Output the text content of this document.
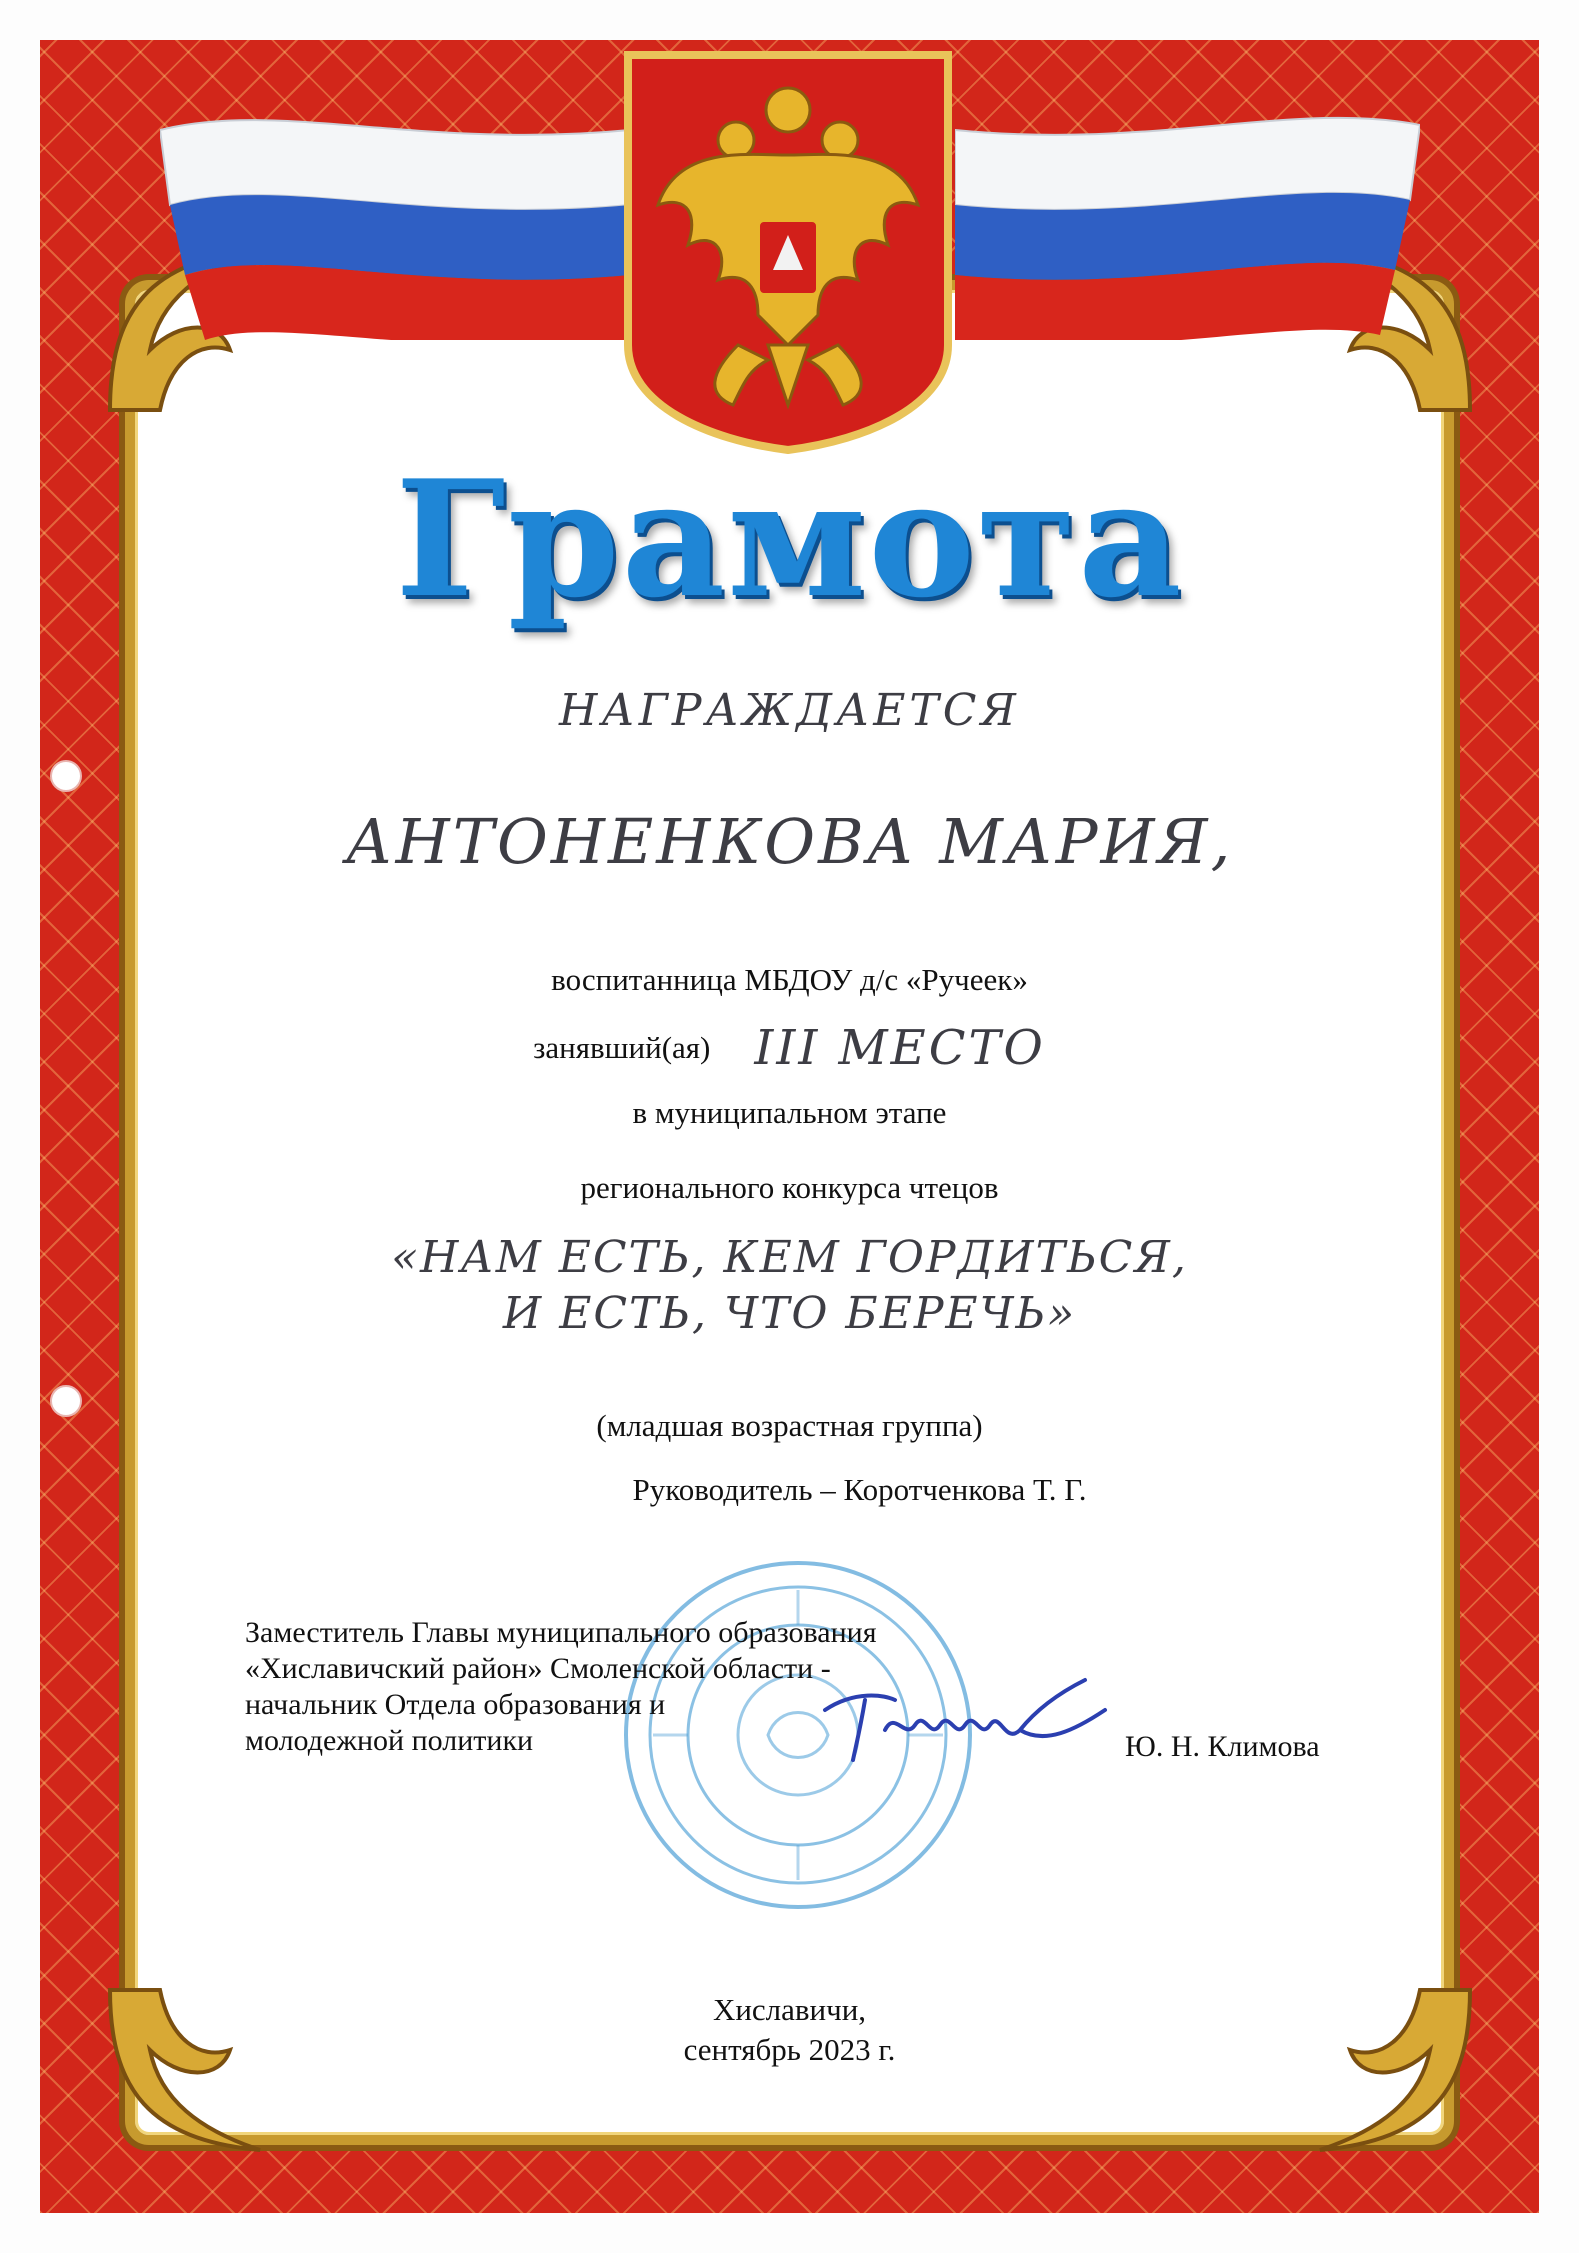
Грамота
НАГРАЖДАЕТСЯ
АНТОНЕНКОВА МАРИЯ,
воспитанница МБДОУ д/с «Ручеек»
занявший(ая) III МЕСТО
в муниципальном этапе
регионального конкурса чтецов
«НАМ ЕСТЬ, КЕМ ГОРДИТЬСЯ,
И ЕСТЬ, ЧТО БЕРЕЧЬ»
(младшая возрастная группа)
Руководитель – Коротченкова Т. Г.
Заместитель Главы муниципального образования
«Хиславичский район» Смоленской области -
начальник Отдела образования и
молодежной политики	Ю. Н. Климова
Хиславичи,
сентябрь 2023 г.
